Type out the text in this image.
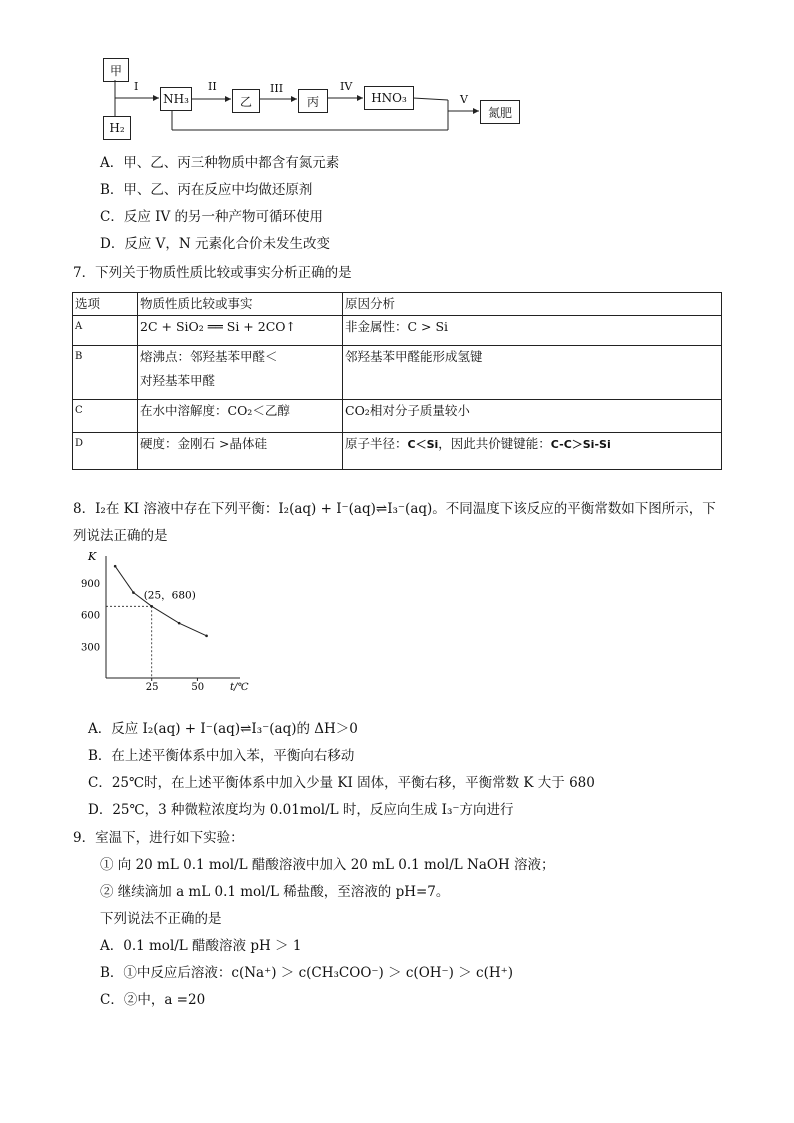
甲
H₂
NH₃	乙	丙	HNO₃
氮肥
I	II	III	IV
V
A．甲、乙、丙三种物质中都含有氮元素
B．甲、乙、丙在反应中均做还原剂
C．反应 IV 的另一种产物可循环使用
D．反应 V，N 元素化合价未发生改变
7．下列关于物质性质比较或事实分析正确的是
选项	物质性质比较或事实	原因分析
A	2C + SiO₂ ══ Si + 2CO↑	非金属性：C > Si
B	熔沸点：邻羟基苯甲醛＜
对羟基苯甲醛	邻羟基苯甲醛能形成氢键
C	在水中溶解度：CO₂＜乙醇	CO₂相对分子质量较小
D	硬度：金刚石 >晶体硅	原子半径：C＜Si，因此共价键键能：C-C＞Si-Si
8．I₂在 KI 溶液中存在下列平衡：I₂(aq) + I⁻(aq)⇌I₃⁻(aq)。不同温度下该反应的平衡常数如下图所示，下
列说法正确的是
K
t/℃
900
600
300
25	50
(25，680)
A．反应 I₂(aq) + I⁻(aq)⇌I₃⁻(aq)的 ΔH＞0
B．在上述平衡体系中加入苯，平衡向右移动
C．25℃时，在上述平衡体系中加入少量 KI 固体，平衡右移，平衡常数 K 大于 680
D．25℃，3 种微粒浓度均为 0.01mol/L 时，反应向生成 I₃⁻方向进行
9．室温下，进行如下实验：
① 向 20 mL 0.1 mol/L 醋酸溶液中加入 20 mL 0.1 mol/L NaOH 溶液；
② 继续滴加 a mL 0.1 mol/L 稀盐酸，至溶液的 pH=7。
下列说法不正确的是
A．0.1 mol/L 醋酸溶液 pH ＞ 1
B．①中反应后溶液：c(Na⁺) ＞ c(CH₃COO⁻) ＞ c(OH⁻) ＞ c(H⁺)
C．②中，a =20
